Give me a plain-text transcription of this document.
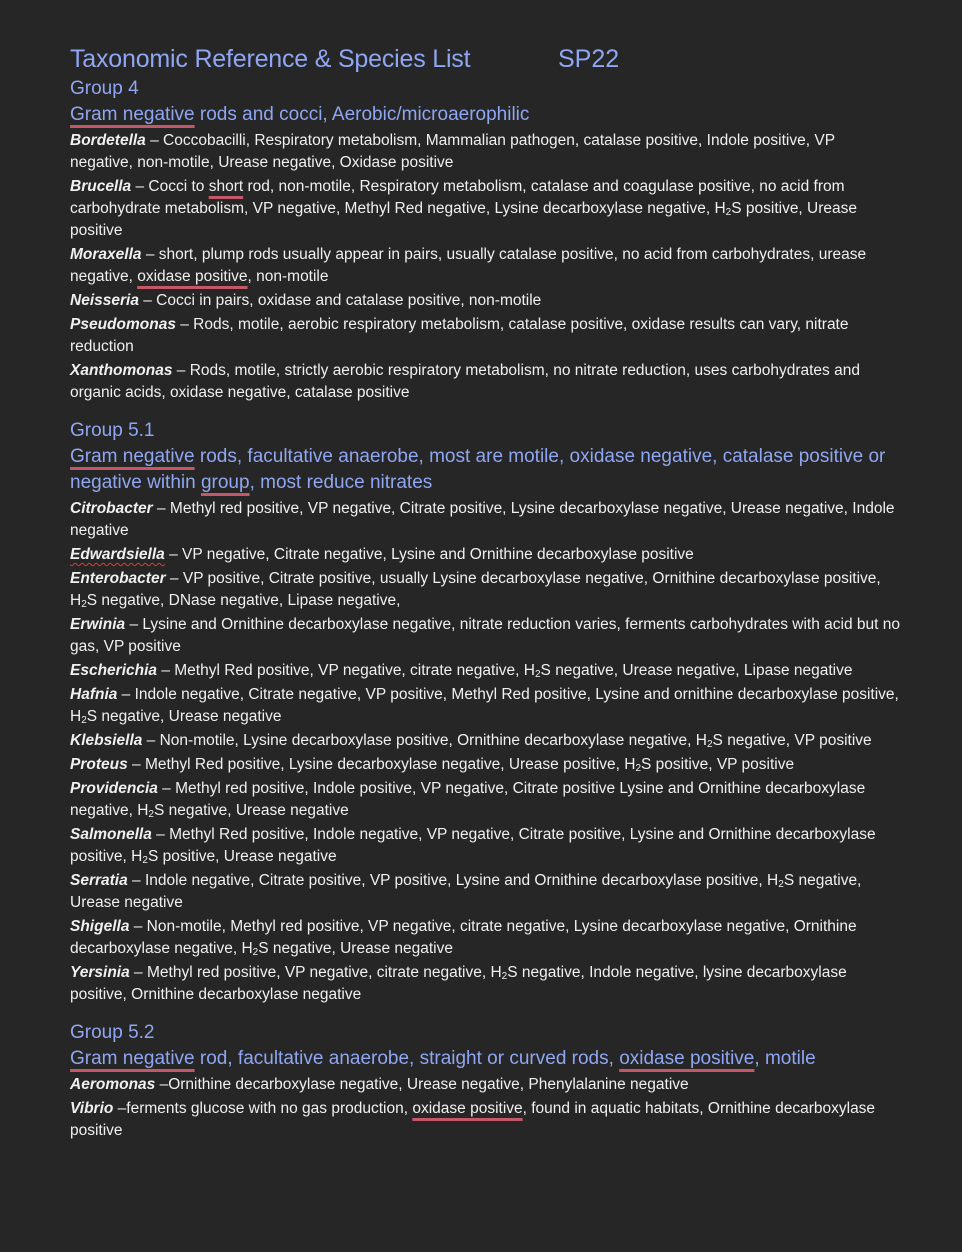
Taxonomic Reference & Species List	SP22
Group 4
Gram negative rods and cocci, Aerobic/microaerophilic

Bordetella – Coccobacilli, Respiratory metabolism, Mammalian pathogen, catalase positive, Indole positive, VP negative, non-motile, Urease negative, Oxidase positive

Brucella – Cocci to short rod, non-motile, Respiratory metabolism, catalase and coagulase positive, no acid from carbohydrate metabolism, VP negative, Methyl Red negative, Lysine decarboxylase negative, $H_2S$ positive, Urease positive

Moraxella – short, plump rods usually appear in pairs, usually catalase positive, no acid from carbohydrates, urease negative, oxidase positive, non-motile

Neisseria – Cocci in pairs, oxidase and catalase positive, non-motile

Pseudomonas – Rods, motile, aerobic respiratory metabolism, catalase positive, oxidase results can vary, nitrate reduction

Xanthomonas – Rods, motile, strictly aerobic respiratory metabolism, no nitrate reduction, uses carbohydrates and organic acids, oxidase negative, catalase positive

Group 5.1
Gram negative rods, facultative anaerobe, most are motile, oxidase negative, catalase positive or negative within group, most reduce nitrates

Citrobacter – Methyl red positive, VP negative, Citrate positive, Lysine decarboxylase negative, Urease negative, Indole negative

Edwardsiella – VP negative, Citrate negative, Lysine and Ornithine decarboxylase positive

Enterobacter – VP positive, Citrate positive, usually Lysine decarboxylase negative, Ornithine decarboxylase positive, $H_2S$ negative, DNase negative, Lipase negative,

Erwinia – Lysine and Ornithine decarboxylase negative, nitrate reduction varies, ferments carbohydrates with acid but no gas, VP positive

Escherichia – Methyl Red positive, VP negative, citrate negative, $H_2S$ negative, Urease negative, Lipase negative

Hafnia – Indole negative, Citrate negative, VP positive, Methyl Red positive, Lysine and ornithine decarboxylase positive, $H_2S$ negative, Urease negative

Klebsiella – Non-motile, Lysine decarboxylase positive, Ornithine decarboxylase negative, $H_2S$ negative, VP positive

Proteus – Methyl Red positive, Lysine decarboxylase negative, Urease positive, $H_2S$ positive, VP positive

Providencia – Methyl red positive, Indole positive, VP negative, Citrate positive Lysine and Ornithine decarboxylase negative, $H_2S$ negative, Urease negative

Salmonella – Methyl Red positive, Indole negative, VP negative, Citrate positive, Lysine and Ornithine decarboxylase positive, $H_2S$ positive, Urease negative

Serratia – Indole negative, Citrate positive, VP positive, Lysine and Ornithine decarboxylase positive, $H_2S$ negative, Urease negative

Shigella – Non-motile, Methyl red positive, VP negative, citrate negative, Lysine decarboxylase negative, Ornithine decarboxylase negative, $H_2S$ negative, Urease negative

Yersinia – Methyl red positive, VP negative, citrate negative, $H_2S$ negative, Indole negative, lysine decarboxylase positive, Ornithine decarboxylase negative

Group 5.2
Gram negative rod, facultative anaerobe, straight or curved rods, oxidase positive, motile

Aeromonas –Ornithine decarboxylase negative, Urease negative, Phenylalanine negative

Vibrio –ferments glucose with no gas production, oxidase positive, found in aquatic habitats, Ornithine decarboxylase positive
